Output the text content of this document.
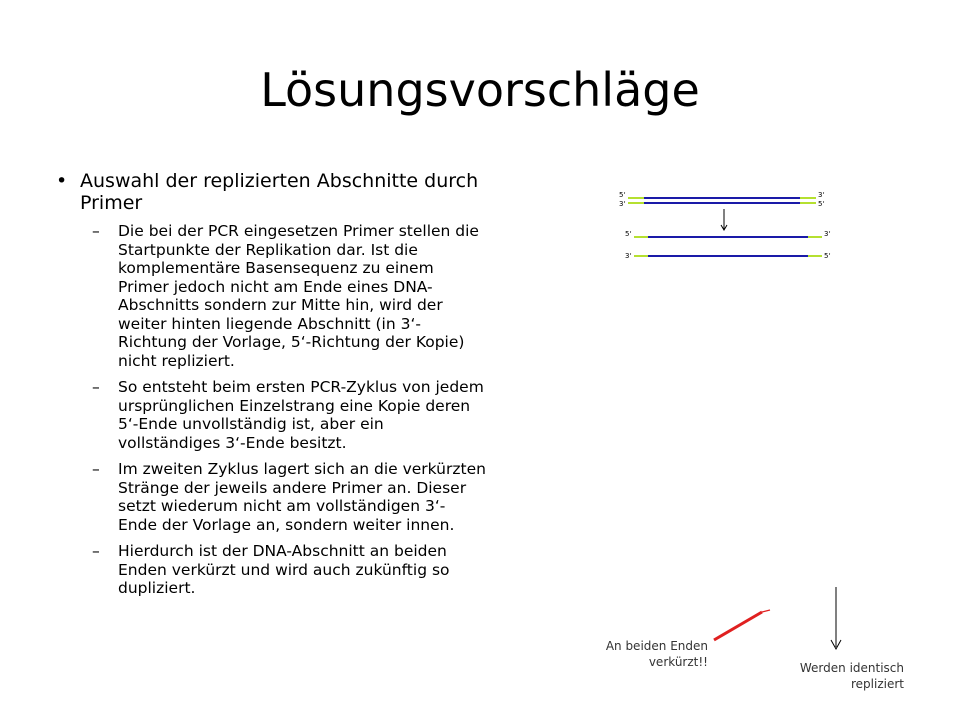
Lösungsvorschläge
• Auswahl der replizierten Abschnitte durch Primer
– Die bei der PCR eingesetzen Primer stellen die Startpunkte der Replikation dar. Ist die komplementäre Basensequenz zu einem Primer jedoch nicht am Ende eines DNA-Abschnitts sondern zur Mitte hin, wird der weiter hinten liegende Abschnitt (in 3‘-Richtung der Vorlage, 5‘-Richtung der Kopie) nicht repliziert.
– So entsteht beim ersten PCR-Zyklus von jedem ursprünglichen Einzelstrang eine Kopie deren 5‘-Ende unvollständig ist, aber ein vollständiges 3‘-Ende besitzt.
– Im zweiten Zyklus lagert sich an die verkürzten Stränge der jeweils andere Primer an. Dieser setzt wiederum nicht am vollständigen 3‘- Ende der Vorlage an, sondern weiter innen.
– Hierdurch ist der DNA-Abschnitt an beiden Enden verkürzt und wird auch zukünftig so dupliziert.
5‘
3‘
3‘
5‘
5‘	3‘
3‘	5‘
An beiden Enden verkürzt!!	Werden identisch repliziert
